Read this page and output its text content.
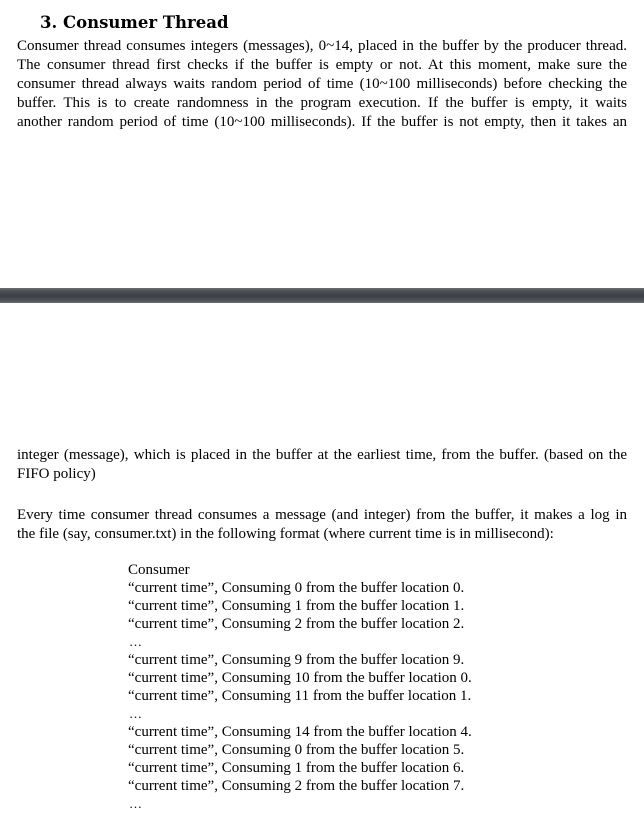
3. Consumer Thread
Consumer thread consumes integers (messages), 0~14, placed in the buffer by the producer thread.
The consumer thread first checks if the buffer is empty or not. At this moment, make sure the
consumer thread always waits random period of time (10~100 milliseconds) before checking the
buffer. This is to create randomness in the program execution. If the buffer is empty, it waits
another random period of time (10~100 milliseconds). If the buffer is not empty, then it takes an
integer (message), which is placed in the buffer at the earliest time, from the buffer. (based on the
FIFO policy)
Every time consumer thread consumes a message (and integer) from the buffer, it makes a log in
the file (say, consumer.txt) in the following format (where current time is in millisecond):
Consumer
“current time”, Consuming 0 from the buffer location 0.
“current time”, Consuming 1 from the buffer location 1.
“current time”, Consuming 2 from the buffer location 2.
…
“current time”, Consuming 9 from the buffer location 9.
“current time”, Consuming 10 from the buffer location 0.
“current time”, Consuming 11 from the buffer location 1.
…
“current time”, Consuming 14 from the buffer location 4.
“current time”, Consuming 0 from the buffer location 5.
“current time”, Consuming 1 from the buffer location 6.
“current time”, Consuming 2 from the buffer location 7.
…
